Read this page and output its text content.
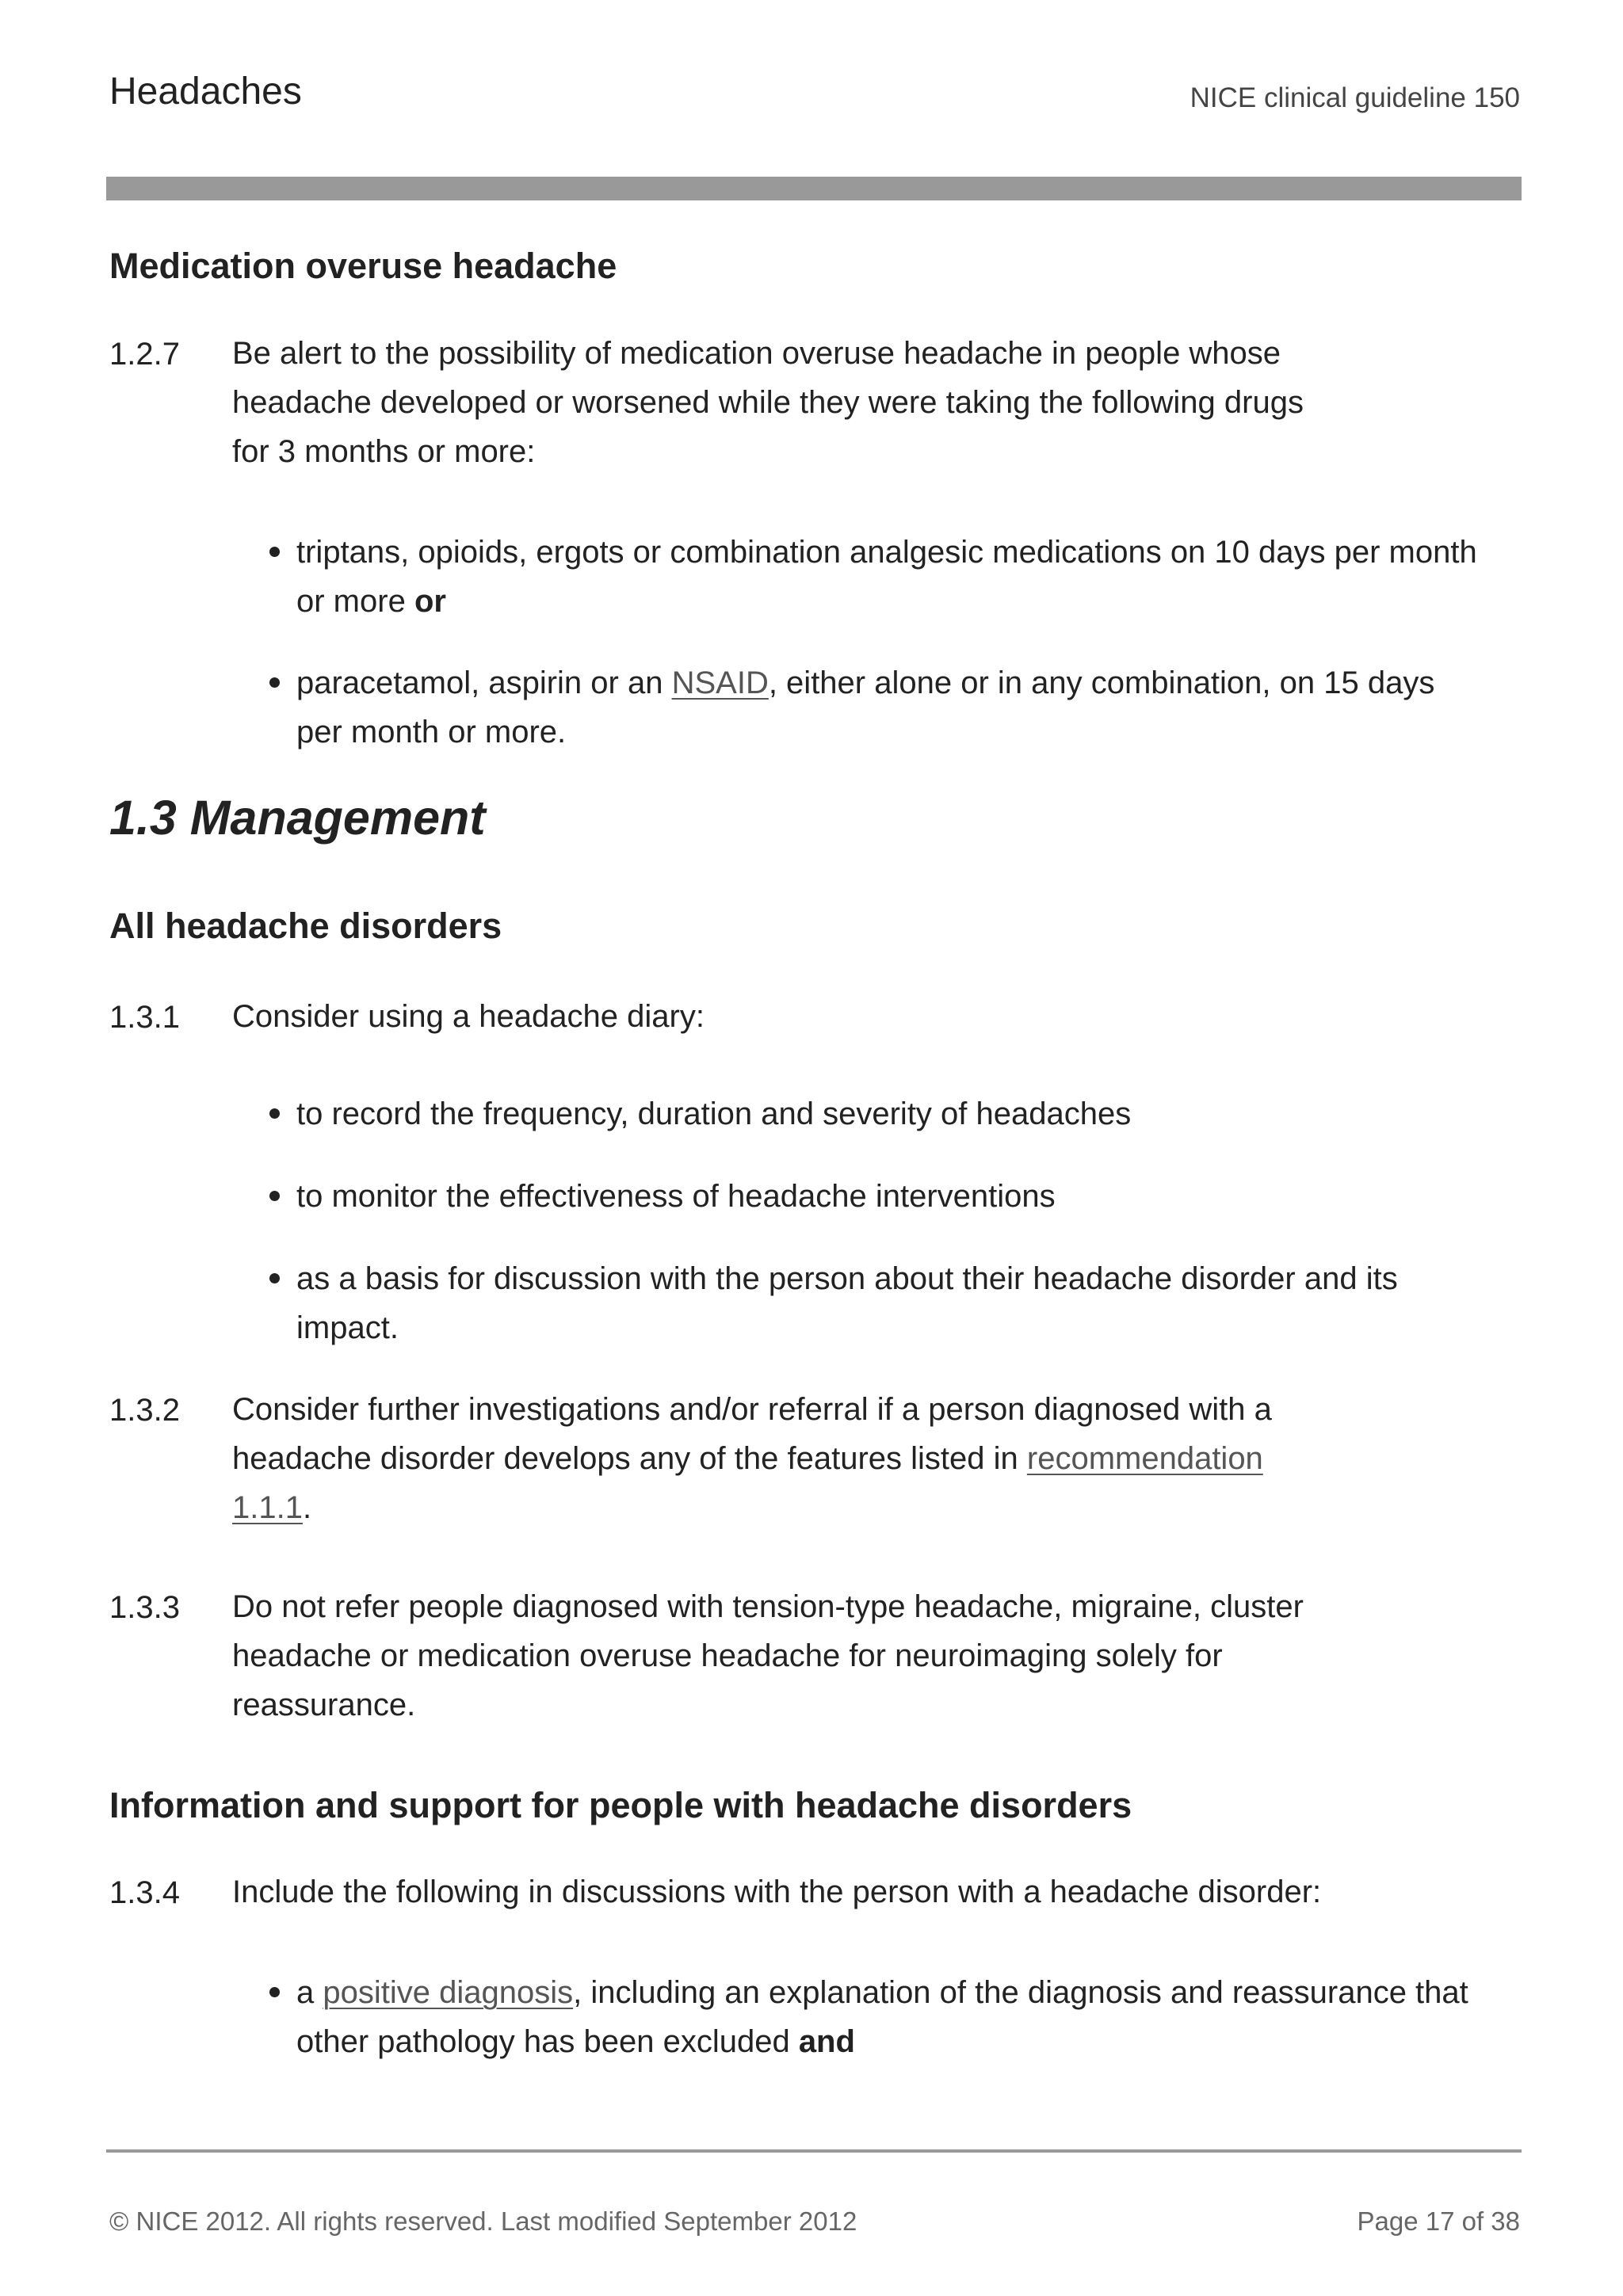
Headaches	NICE clinical guideline 150
Medication overuse headache
1.2.7 Be alert to the possibility of medication overuse headache in people whose
headache developed or worsened while they were taking the following drugs
for 3 months or more:
triptans, opioids, ergots or combination analgesic medications on 10 days per month
or more or
paracetamol, aspirin or an NSAID, either alone or in any combination, on 15 days
per month or more.
1.3 Management
All headache disorders
1.3.1 Consider using a headache diary:
to record the frequency, duration and severity of headaches
to monitor the effectiveness of headache interventions
as a basis for discussion with the person about their headache disorder and its
impact.
1.3.2 Consider further investigations and/or referral if a person diagnosed with a
headache disorder develops any of the features listed in recommendation
1.1.1.
1.3.3 Do not refer people diagnosed with tension-type headache, migraine, cluster
headache or medication overuse headache for neuroimaging solely for
reassurance.
Information and support for people with headache disorders
1.3.4 Include the following in discussions with the person with a headache disorder:
a positive diagnosis, including an explanation of the diagnosis and reassurance that
other pathology has been excluded and
© NICE 2012. All rights reserved. Last modified September 2012	Page 17 of 38
